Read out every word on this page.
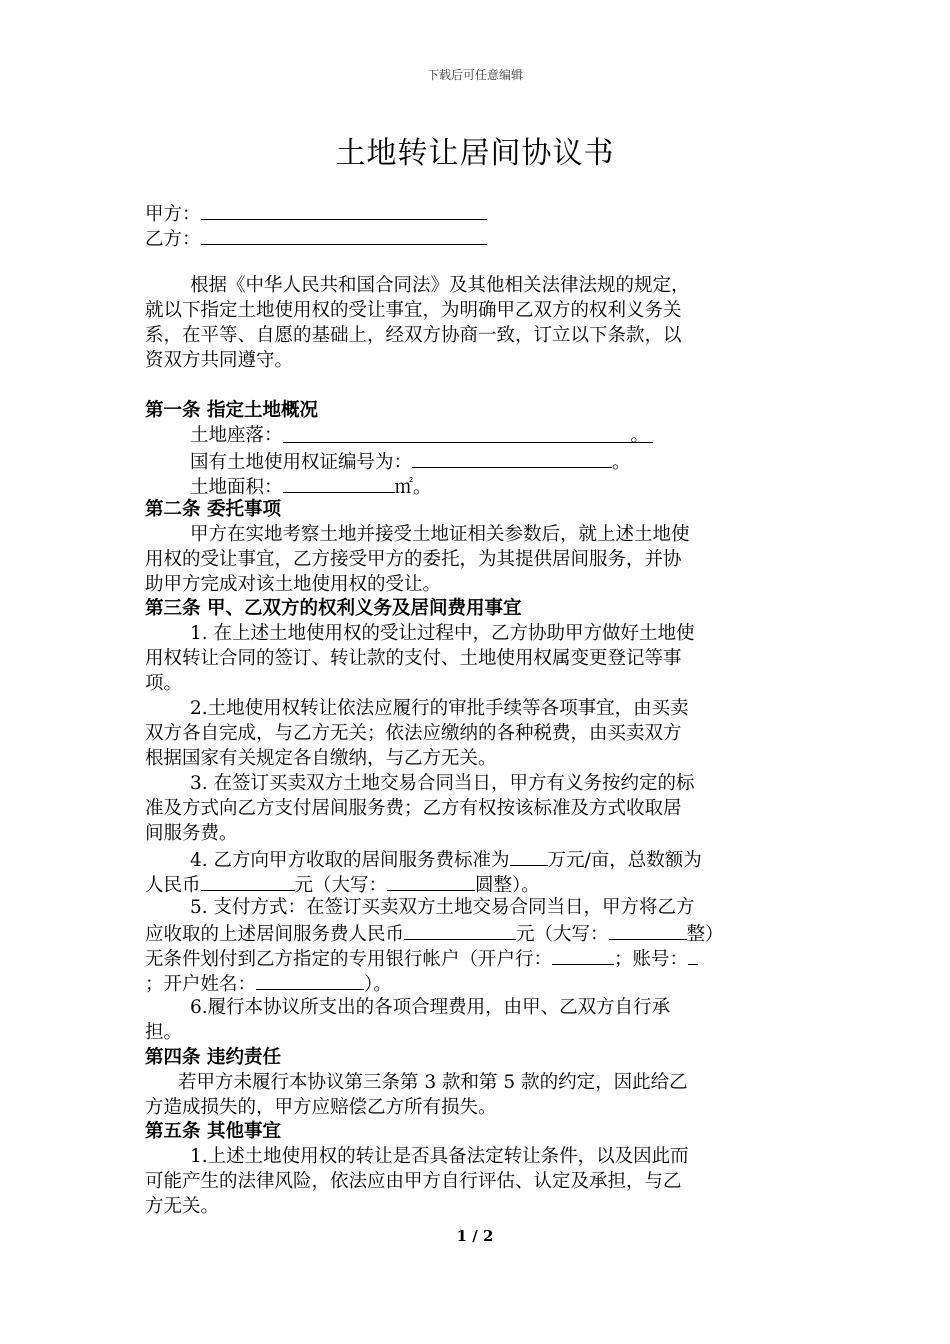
下载后可任意编辑
土地转让居间协议书
甲方：
乙方：
根据《中华人民共和国合同法》及其他相关法律法规的规定，
就以下指定土地使用权的受让事宜，为明确甲乙双方的权利义务关
系，在平等、自愿的基础上，经双方协商一致，订立以下条款，以
资双方共同遵守。
第一条 指定土地概况
土地座落：	。
国有土地使用权证编号为：	。
土地面积：	㎡。
第二条 委托事项
甲方在实地考察土地并接受土地证相关参数后，就上述土地使
用权的受让事宜，乙方接受甲方的委托，为其提供居间服务，并协
助甲方完成对该土地使用权的受让。
第三条 甲、乙双方的权利义务及居间费用事宜
1. 在上述土地使用权的受让过程中，乙方协助甲方做好土地使
用权转让合同的签订、转让款的支付、土地使用权属变更登记等事
项。
2.土地使用权转让依法应履行的审批手续等各项事宜，由买卖
双方各自完成，与乙方无关；依法应缴纳的各种税费，由买卖双方
根据国家有关规定各自缴纳，与乙方无关。
3. 在签订买卖双方土地交易合同当日，甲方有义务按约定的标
准及方式向乙方支付居间服务费；乙方有权按该标准及方式收取居
间服务费。
4. 乙方向甲方收取的居间服务费标准为 万元/亩，总数额为
人民币	元（大写：	圆整）。
5. 支付方式：在签订买卖双方土地交易合同当日，甲方将乙方
应收取的上述居间服务费人民币	元（大写：	整）
无条件划付到乙方指定的专用银行帐户（开户行：	；账号：
；开户姓名：	）。
6.履行本协议所支出的各项合理费用，由甲、乙双方自行承
担。
第四条 违约责任
若甲方未履行本协议第三条第 3 款和第 5 款的约定，因此给乙
方造成损失的，甲方应赔偿乙方所有损失。
第五条 其他事宜
1.上述土地使用权的转让是否具备法定转让条件，以及因此而
可能产生的法律风险，依法应由甲方自行评估、认定及承担，与乙
方无关。
1 / 2
